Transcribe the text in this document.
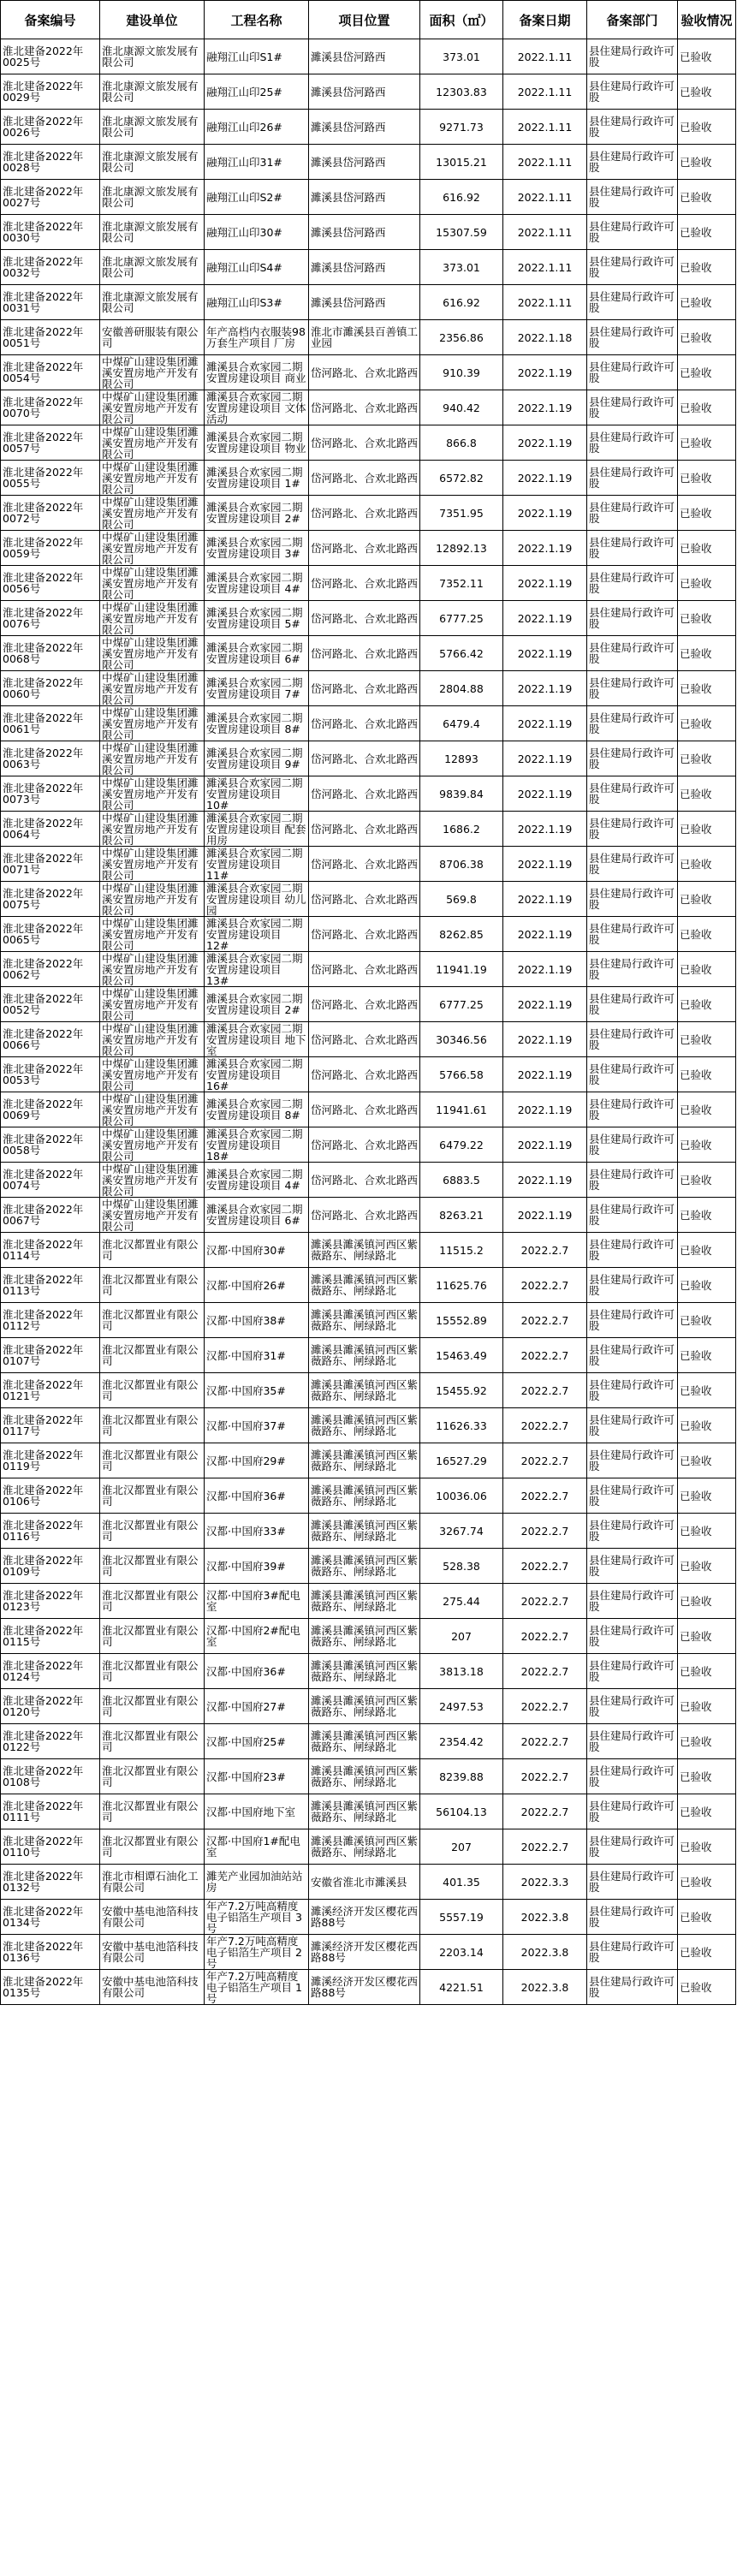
备案编号	建设单位	工程名称	项目位置	面积（㎡）	备案日期	备案部门	验收情况
淮北建备2022年0025号	淮北康源文旅发展有限公司	融翔江山印S1#	濉溪县岱河路西	373.01	2022.1.11	县住建局行政许可股	已验收
淮北建备2022年0029号	淮北康源文旅发展有限公司	融翔江山印25#	濉溪县岱河路西	12303.83	2022.1.11	县住建局行政许可股	已验收
淮北建备2022年0026号	淮北康源文旅发展有限公司	融翔江山印26#	濉溪县岱河路西	9271.73	2022.1.11	县住建局行政许可股	已验收
淮北建备2022年0028号	淮北康源文旅发展有限公司	融翔江山印31#	濉溪县岱河路西	13015.21	2022.1.11	县住建局行政许可股	已验收
淮北建备2022年0027号	淮北康源文旅发展有限公司	融翔江山印S2#	濉溪县岱河路西	616.92	2022.1.11	县住建局行政许可股	已验收
淮北建备2022年0030号	淮北康源文旅发展有限公司	融翔江山印30#	濉溪县岱河路西	15307.59	2022.1.11	县住建局行政许可股	已验收
淮北建备2022年0032号	淮北康源文旅发展有限公司	融翔江山印S4#	濉溪县岱河路西	373.01	2022.1.11	县住建局行政许可股	已验收
淮北建备2022年0031号	淮北康源文旅发展有限公司	融翔江山印S3#	濉溪县岱河路西	616.92	2022.1.11	县住建局行政许可股	已验收
淮北建备2022年0051号	安徽善研服装有限公司	年产高档内衣服装98万套生产项目 厂房	淮北市濉溪县百善镇工业园	2356.86	2022.1.18	县住建局行政许可股	已验收
淮北建备2022年0054号	中煤矿山建设集团濉溪安置房地产开发有限公司	濉溪县合欢家园二期安置房建设项目 商业	岱河路北、合欢北路西	910.39	2022.1.19	县住建局行政许可股	已验收
淮北建备2022年0070号	中煤矿山建设集团濉溪安置房地产开发有限公司	濉溪县合欢家园二期安置房建设项目 文体活动	岱河路北、合欢北路西	940.42	2022.1.19	县住建局行政许可股	已验收
淮北建备2022年0057号	中煤矿山建设集团濉溪安置房地产开发有限公司	濉溪县合欢家园二期安置房建设项目 物业	岱河路北、合欢北路西	866.8	2022.1.19	县住建局行政许可股	已验收
淮北建备2022年0055号	中煤矿山建设集团濉溪安置房地产开发有限公司	濉溪县合欢家园二期安置房建设项目 1#	岱河路北、合欢北路西	6572.82	2022.1.19	县住建局行政许可股	已验收
淮北建备2022年0072号	中煤矿山建设集团濉溪安置房地产开发有限公司	濉溪县合欢家园二期安置房建设项目 2#	岱河路北、合欢北路西	7351.95	2022.1.19	县住建局行政许可股	已验收
淮北建备2022年0059号	中煤矿山建设集团濉溪安置房地产开发有限公司	濉溪县合欢家园二期安置房建设项目 3#	岱河路北、合欢北路西	12892.13	2022.1.19	县住建局行政许可股	已验收
淮北建备2022年0056号	中煤矿山建设集团濉溪安置房地产开发有限公司	濉溪县合欢家园二期安置房建设项目 4#	岱河路北、合欢北路西	7352.11	2022.1.19	县住建局行政许可股	已验收
淮北建备2022年0076号	中煤矿山建设集团濉溪安置房地产开发有限公司	濉溪县合欢家园二期安置房建设项目 5#	岱河路北、合欢北路西	6777.25	2022.1.19	县住建局行政许可股	已验收
淮北建备2022年0068号	中煤矿山建设集团濉溪安置房地产开发有限公司	濉溪县合欢家园二期安置房建设项目 6#	岱河路北、合欢北路西	5766.42	2022.1.19	县住建局行政许可股	已验收
淮北建备2022年0060号	中煤矿山建设集团濉溪安置房地产开发有限公司	濉溪县合欢家园二期安置房建设项目 7#	岱河路北、合欢北路西	2804.88	2022.1.19	县住建局行政许可股	已验收
淮北建备2022年0061号	中煤矿山建设集团濉溪安置房地产开发有限公司	濉溪县合欢家园二期安置房建设项目 8#	岱河路北、合欢北路西	6479.4	2022.1.19	县住建局行政许可股	已验收
淮北建备2022年0063号	中煤矿山建设集团濉溪安置房地产开发有限公司	濉溪县合欢家园二期安置房建设项目 9#	岱河路北、合欢北路西	12893	2022.1.19	县住建局行政许可股	已验收
淮北建备2022年0073号	中煤矿山建设集团濉溪安置房地产开发有限公司	濉溪县合欢家园二期安置房建设项目 10#	岱河路北、合欢北路西	9839.84	2022.1.19	县住建局行政许可股	已验收
淮北建备2022年0064号	中煤矿山建设集团濉溪安置房地产开发有限公司	濉溪县合欢家园二期安置房建设项目 配套用房	岱河路北、合欢北路西	1686.2	2022.1.19	县住建局行政许可股	已验收
淮北建备2022年0071号	中煤矿山建设集团濉溪安置房地产开发有限公司	濉溪县合欢家园二期安置房建设项目 11#	岱河路北、合欢北路西	8706.38	2022.1.19	县住建局行政许可股	已验收
淮北建备2022年0075号	中煤矿山建设集团濉溪安置房地产开发有限公司	濉溪县合欢家园二期安置房建设项目 幼儿园	岱河路北、合欢北路西	569.8	2022.1.19	县住建局行政许可股	已验收
淮北建备2022年0065号	中煤矿山建设集团濉溪安置房地产开发有限公司	濉溪县合欢家园二期安置房建设项目 12#	岱河路北、合欢北路西	8262.85	2022.1.19	县住建局行政许可股	已验收
淮北建备2022年0062号	中煤矿山建设集团濉溪安置房地产开发有限公司	濉溪县合欢家园二期安置房建设项目 13#	岱河路北、合欢北路西	11941.19	2022.1.19	县住建局行政许可股	已验收
淮北建备2022年0052号	中煤矿山建设集团濉溪安置房地产开发有限公司	濉溪县合欢家园二期安置房建设项目 2#	岱河路北、合欢北路西	6777.25	2022.1.19	县住建局行政许可股	已验收
淮北建备2022年0066号	中煤矿山建设集团濉溪安置房地产开发有限公司	濉溪县合欢家园二期安置房建设项目 地下室	岱河路北、合欢北路西	30346.56	2022.1.19	县住建局行政许可股	已验收
淮北建备2022年0053号	中煤矿山建设集团濉溪安置房地产开发有限公司	濉溪县合欢家园二期安置房建设项目 16#	岱河路北、合欢北路西	5766.58	2022.1.19	县住建局行政许可股	已验收
淮北建备2022年0069号	中煤矿山建设集团濉溪安置房地产开发有限公司	濉溪县合欢家园二期安置房建设项目 8#	岱河路北、合欢北路西	11941.61	2022.1.19	县住建局行政许可股	已验收
淮北建备2022年0058号	中煤矿山建设集团濉溪安置房地产开发有限公司	濉溪县合欢家园二期安置房建设项目 18#	岱河路北、合欢北路西	6479.22	2022.1.19	县住建局行政许可股	已验收
淮北建备2022年0074号	中煤矿山建设集团濉溪安置房地产开发有限公司	濉溪县合欢家园二期安置房建设项目 4#	岱河路北、合欢北路西	6883.5	2022.1.19	县住建局行政许可股	已验收
淮北建备2022年0067号	中煤矿山建设集团濉溪安置房地产开发有限公司	濉溪县合欢家园二期安置房建设项目 6#	岱河路北、合欢北路西	8263.21	2022.1.19	县住建局行政许可股	已验收
淮北建备2022年0114号	淮北汉都置业有限公司	汉都·中国府30#	濉溪县濉溪镇河西区紫薇路东、闸绿路北	11515.2	2022.2.7	县住建局行政许可股	已验收
淮北建备2022年0113号	淮北汉都置业有限公司	汉都·中国府26#	濉溪县濉溪镇河西区紫薇路东、闸绿路北	11625.76	2022.2.7	县住建局行政许可股	已验收
淮北建备2022年0112号	淮北汉都置业有限公司	汉都·中国府38#	濉溪县濉溪镇河西区紫薇路东、闸绿路北	15552.89	2022.2.7	县住建局行政许可股	已验收
淮北建备2022年0107号	淮北汉都置业有限公司	汉都·中国府31#	濉溪县濉溪镇河西区紫薇路东、闸绿路北	15463.49	2022.2.7	县住建局行政许可股	已验收
淮北建备2022年0121号	淮北汉都置业有限公司	汉都·中国府35#	濉溪县濉溪镇河西区紫薇路东、闸绿路北	15455.92	2022.2.7	县住建局行政许可股	已验收
淮北建备2022年0117号	淮北汉都置业有限公司	汉都·中国府37#	濉溪县濉溪镇河西区紫薇路东、闸绿路北	11626.33	2022.2.7	县住建局行政许可股	已验收
淮北建备2022年0119号	淮北汉都置业有限公司	汉都·中国府29#	濉溪县濉溪镇河西区紫薇路东、闸绿路北	16527.29	2022.2.7	县住建局行政许可股	已验收
淮北建备2022年0106号	淮北汉都置业有限公司	汉都·中国府36#	濉溪县濉溪镇河西区紫薇路东、闸绿路北	10036.06	2022.2.7	县住建局行政许可股	已验收
淮北建备2022年0116号	淮北汉都置业有限公司	汉都·中国府33#	濉溪县濉溪镇河西区紫薇路东、闸绿路北	3267.74	2022.2.7	县住建局行政许可股	已验收
淮北建备2022年0109号	淮北汉都置业有限公司	汉都·中国府39#	濉溪县濉溪镇河西区紫薇路东、闸绿路北	528.38	2022.2.7	县住建局行政许可股	已验收
淮北建备2022年0123号	淮北汉都置业有限公司	汉都·中国府3#配电室	濉溪县濉溪镇河西区紫薇路东、闸绿路北	275.44	2022.2.7	县住建局行政许可股	已验收
淮北建备2022年0115号	淮北汉都置业有限公司	汉都·中国府2#配电室	濉溪县濉溪镇河西区紫薇路东、闸绿路北	207	2022.2.7	县住建局行政许可股	已验收
淮北建备2022年0124号	淮北汉都置业有限公司	汉都·中国府36#	濉溪县濉溪镇河西区紫薇路东、闸绿路北	3813.18	2022.2.7	县住建局行政许可股	已验收
淮北建备2022年0120号	淮北汉都置业有限公司	汉都·中国府27#	濉溪县濉溪镇河西区紫薇路东、闸绿路北	2497.53	2022.2.7	县住建局行政许可股	已验收
淮北建备2022年0122号	淮北汉都置业有限公司	汉都·中国府25#	濉溪县濉溪镇河西区紫薇路东、闸绿路北	2354.42	2022.2.7	县住建局行政许可股	已验收
淮北建备2022年0108号	淮北汉都置业有限公司	汉都·中国府23#	濉溪县濉溪镇河西区紫薇路东、闸绿路北	8239.88	2022.2.7	县住建局行政许可股	已验收
淮北建备2022年0111号	淮北汉都置业有限公司	汉都·中国府地下室	濉溪县濉溪镇河西区紫薇路东、闸绿路北	56104.13	2022.2.7	县住建局行政许可股	已验收
淮北建备2022年0110号	淮北汉都置业有限公司	汉都·中国府1#配电室	濉溪县濉溪镇河西区紫薇路东、闸绿路北	207	2022.2.7	县住建局行政许可股	已验收
淮北建备2022年0132号	淮北市相谭石油化工有限公司	濉芜产业园加油站站房	安徽省淮北市濉溪县	401.35	2022.3.3	县住建局行政许可股	已验收
淮北建备2022年0134号	安徽中基电池箔科技有限公司	年产7.2万吨高精度电子铝箔生产项目 3号	濉溪经济开发区樱花西路88号	5557.19	2022.3.8	县住建局行政许可股	已验收
淮北建备2022年0136号	安徽中基电池箔科技有限公司	年产7.2万吨高精度电子铝箔生产项目 2号	濉溪经济开发区樱花西路88号	2203.14	2022.3.8	县住建局行政许可股	已验收
淮北建备2022年0135号	安徽中基电池箔科技有限公司	年产7.2万吨高精度电子铝箔生产项目 1号	濉溪经济开发区樱花西路88号	4221.51	2022.3.8	县住建局行政许可股	已验收
